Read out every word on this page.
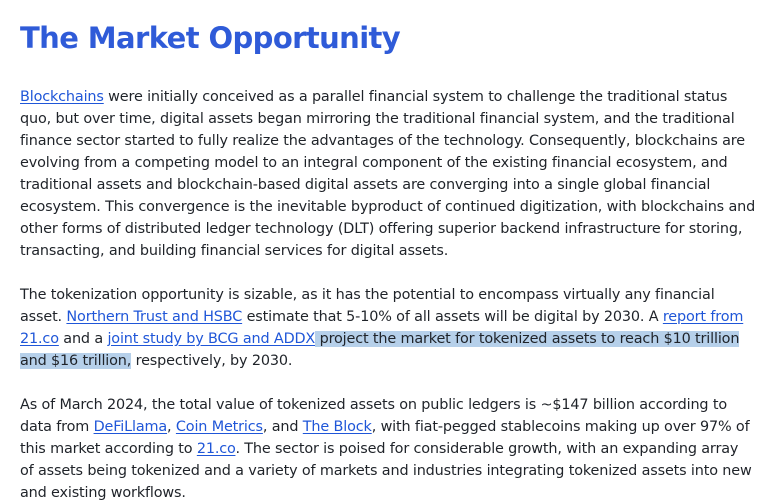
The Market Opportunity

Blockchains were initially conceived as a parallel financial system to challenge the traditional status quo, but over time, digital assets began mirroring the traditional financial system, and the traditional finance sector started to fully realize the advantages of the technology. Consequently, blockchains are evolving from a competing model to an integral component of the existing financial ecosystem, and traditional assets and blockchain-based digital assets are converging into a single global financial ecosystem. This convergence is the inevitable byproduct of continued digitization, with blockchains and other forms of distributed ledger technology (DLT) offering superior backend infrastructure for storing, transacting, and building financial services for digital assets.

The tokenization opportunity is sizable, as it has the potential to encompass virtually any financial asset. Northern Trust and HSBC estimate that 5-10% of all assets will be digital by 2030. A report from 21.co and a joint study by BCG and ADDX project the market for tokenized assets to reach $10 trillion and $16 trillion, respectively, by 2030.

As of March 2024, the total value of tokenized assets on public ledgers is ~$147 billion according to data from DeFiLlama, Coin Metrics, and The Block, with fiat-pegged stablecoins making up over 97% of this market according to 21.co. The sector is poised for considerable growth, with an expanding array of assets being tokenized and a variety of markets and industries integrating tokenized assets into new and existing workflows.
